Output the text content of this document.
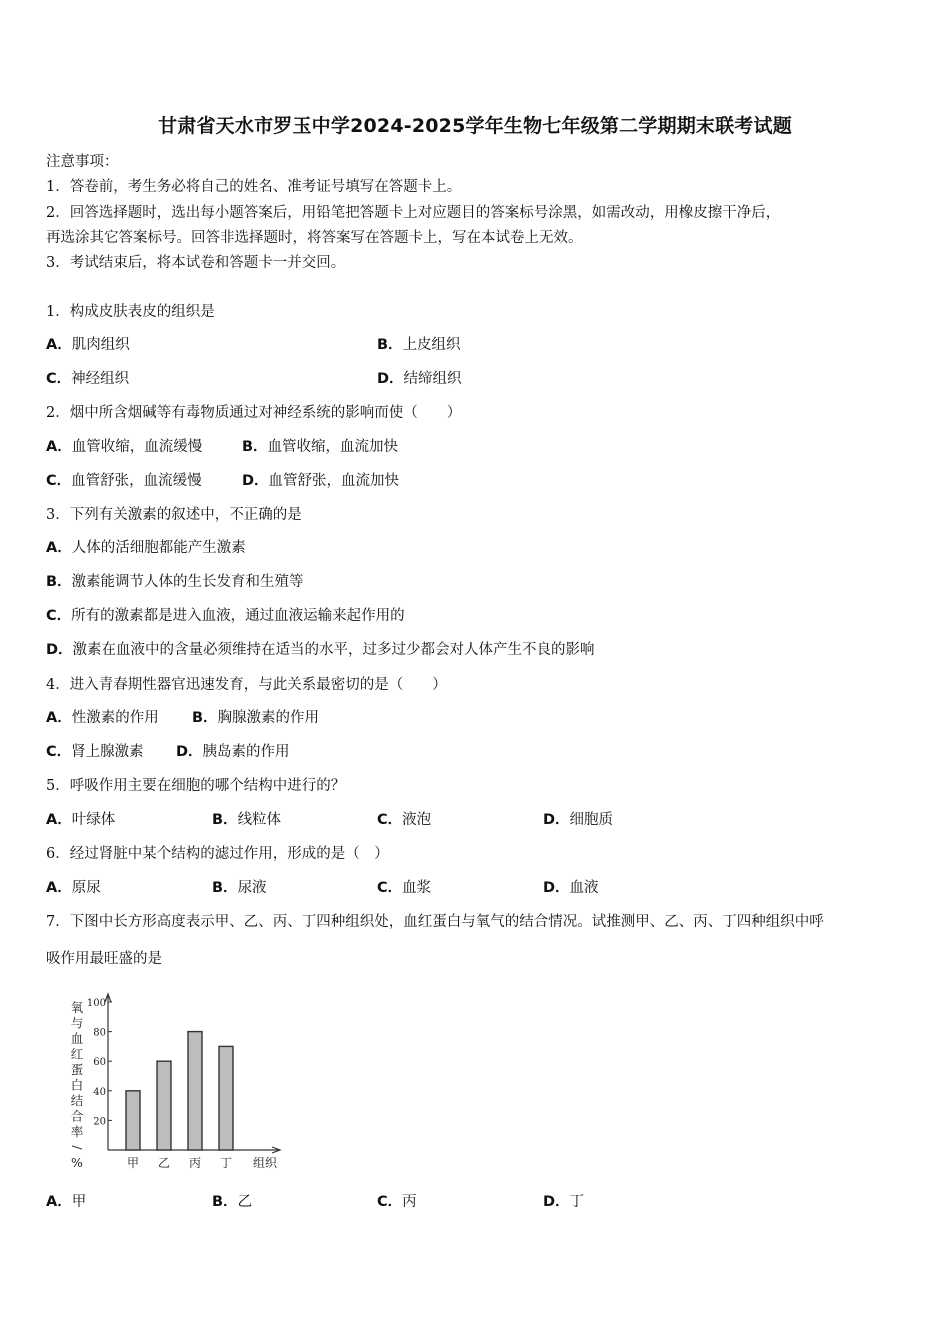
甘肃省天水市罗玉中学2024-2025学年生物七年级第二学期期末联考试题
注意事项：
1．答卷前，考生务必将自己的姓名、准考证号填写在答题卡上。
2．回答选择题时，选出每小题答案后，用铅笔把答题卡上对应题目的答案标号涂黑，如需改动，用橡皮擦干净后，
再选涂其它答案标号。回答非选择题时，将答案写在答题卡上，写在本试卷上无效。
3．考试结束后，将本试卷和答题卡一并交回。
1．构成皮肤表皮的组织是
A．肌肉组织	B．上皮组织
C．神经组织	D．结缔组织
2．烟中所含烟碱等有毒物质通过对神经系统的影响而使（　　）
A．血管收缩，血流缓慢	B．血管收缩，血流加快
C．血管舒张，血流缓慢	D．血管舒张，血流加快
3．下列有关激素的叙述中，不正确的是
A．人体的活细胞都能产生激素
B．激素能调节人体的生长发育和生殖等
C．所有的激素都是进入血液，通过血液运输来起作用的
D．激素在血液中的含量必须维持在适当的水平，过多过少都会对人体产生不良的影响
4．进入青春期性器官迅速发育，与此关系最密切的是（　　）
A．性激素的作用 B．胸腺激素的作用
C．肾上腺激素 D．胰岛素的作用
5．呼吸作用主要在细胞的哪个结构中进行的？
A．叶绿体	B．线粒体	C．液泡	D．细胞质
6．经过肾脏中某个结构的滤过作用，形成的是（　）
A．原尿	B．尿液	C．血浆	D．血液
7．下图中长方形高度表示甲、乙、丙、丁四种组织处，血红蛋白与氧气的结合情况。试推测甲、乙、丙、丁四种组织中呼
吸作用最旺盛的是
氧
与
血
红
蛋
白
结
合
率
/
%
20
40
60
80
100
甲 乙 丙 丁 组织
A．甲	B．乙	C．丙	D．丁
